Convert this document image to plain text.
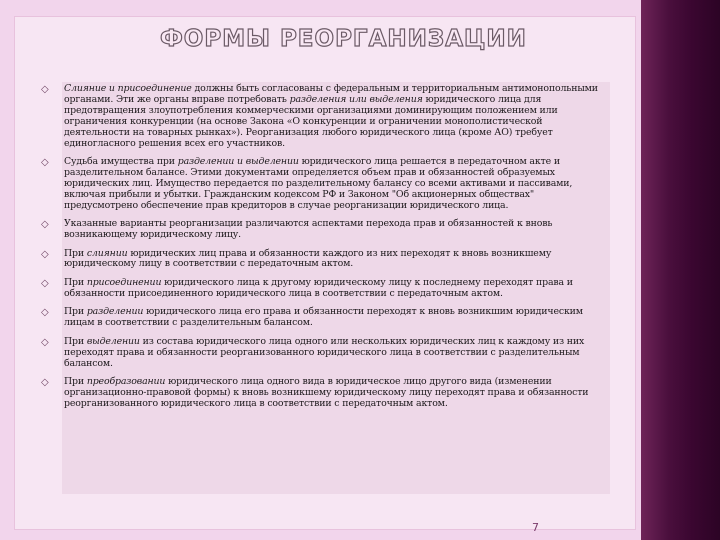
ФОРМЫ РЕОРГАНИЗАЦИИ
◇ Слияние и присоединение должны быть согласованы с федеральным и территориальным антимонопольными органами. Эти же органы вправе потребовать разделения или выделения юридического лица для предотвращения злоупотребления коммерческими организациями доминирующим положением или ограничения конкуренции (на основе Закона «О конкуренции и ограничении монополистической деятельности на товарных рынках»). Реорганизация любого юридического лица (кроме АО) требует единогласного решения всех его участников.
◇ Судьба имущества при разделении и выделении юридического лица решается в передаточном акте и разделительном балансе. Этими документами определяется объем прав и обязанностей образуемых юридических лиц. Имущество передается по разделительному балансу со всеми активами и пассивами, включая прибыли и убытки. Гражданским кодексом РФ и Законом "Об акционерных обществах" предусмотрено обеспечение прав кредиторов в случае реорганизации юридического лица.
◇ Указанные варианты реорганизации различаются аспектами перехода прав и обязанностей к вновь возникающему юридическому лицу.
◇ При слиянии юридических лиц права и обязанности каждого из них переходят к вновь возникшему юридическому лицу в соответствии с передаточным актом.
◇ При присоединении юридического лица к другому юридическому лицу к последнему переходят права и обязанности присоединенного юридического лица в соответствии с передаточным актом.
◇ При разделении юридического лица его права и обязанности переходят к вновь возникшим юридическим лицам в соответствии с разделительным балансом.
◇ При выделении из состава юридического лица одного или нескольких юридических лиц к каждому из них переходят права и обязанности реорганизованного юридического лица в соответствии с разделительным балансом.
◇ При преобразовании юридического лица одного вида в юридическое лицо другого вида (изменении организационно-правовой формы) к вновь возникшему юридическому лицу переходят права и обязанности реорганизованного юридического лица в соответствии с передаточным актом.
7
